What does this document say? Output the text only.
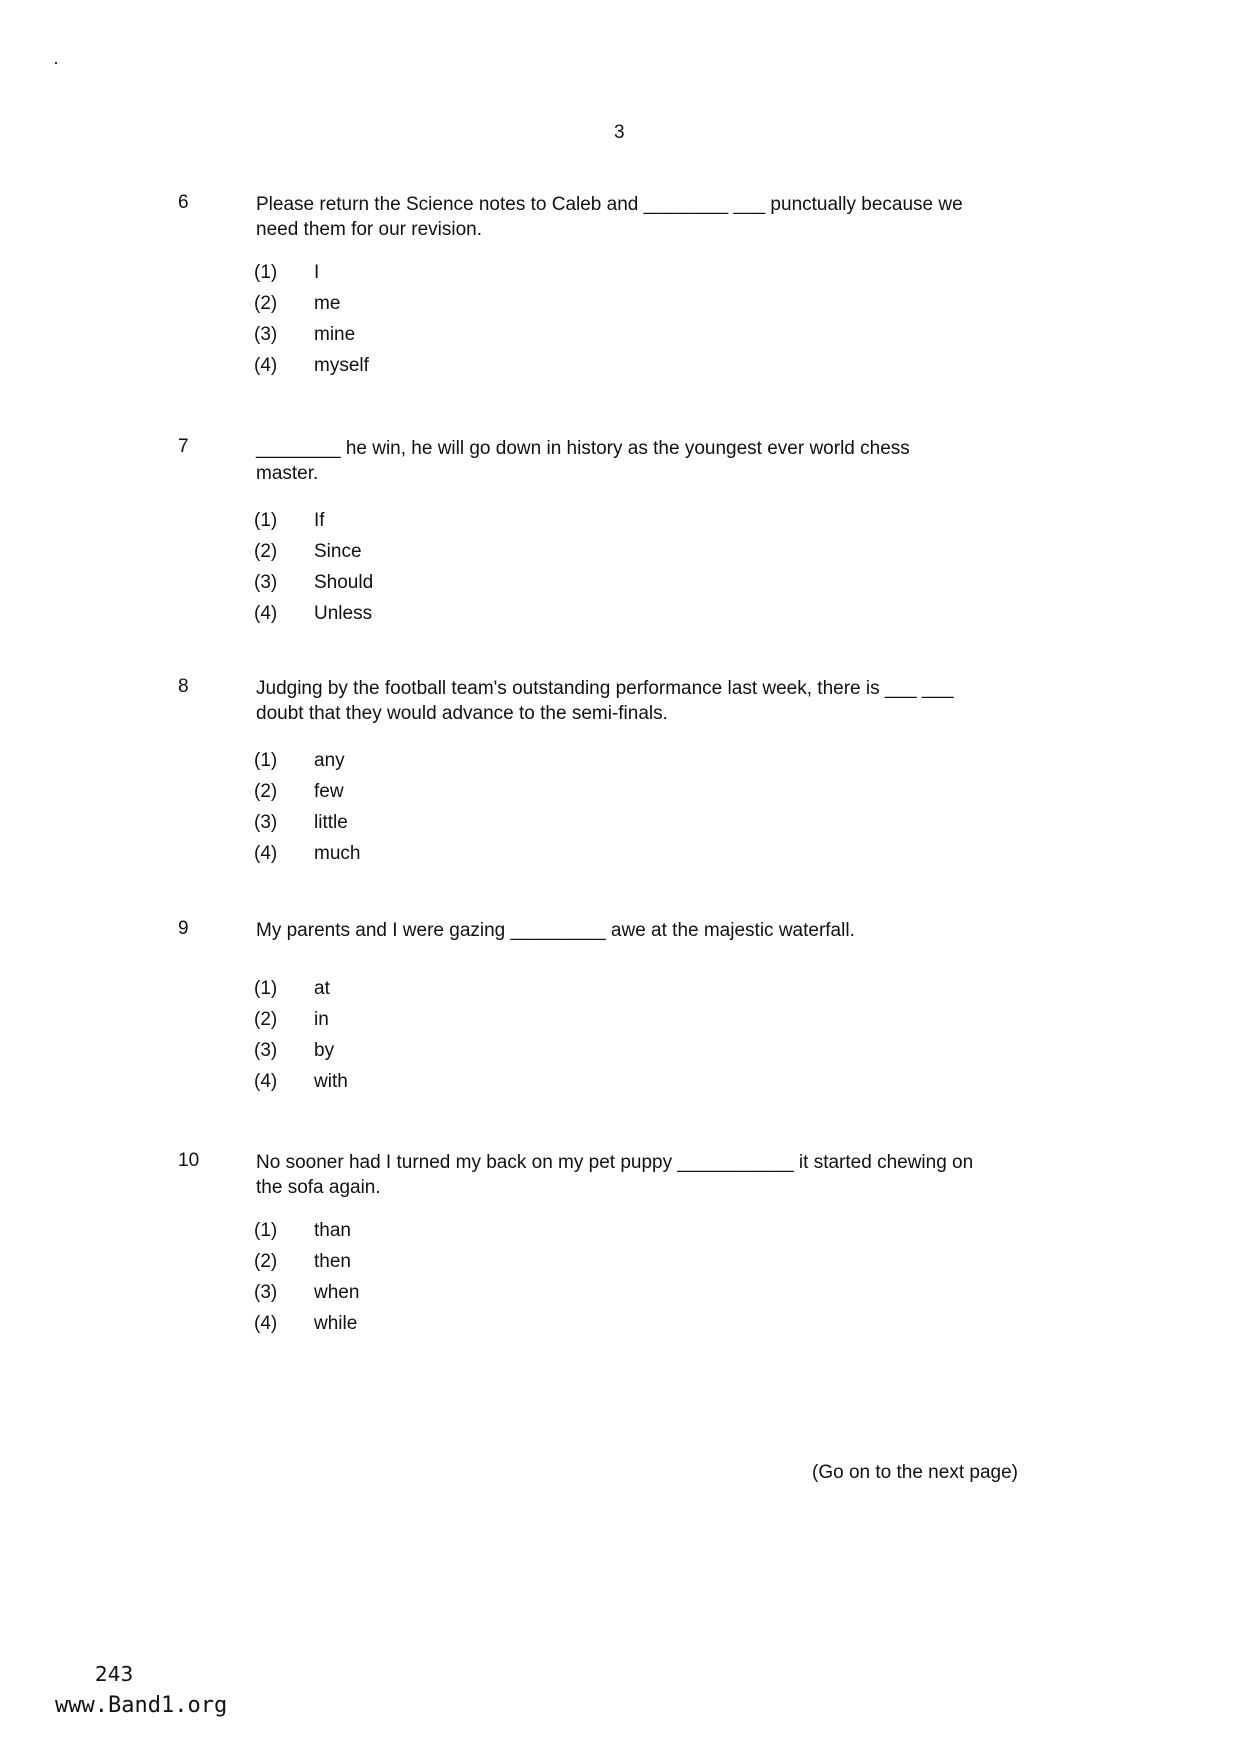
3
6	Please return the Science notes to Caleb and ________ ___ punctually because we need them for our revision.
(1) I
(2) me
(3) mine
(4) myself
7	________ he win, he will go down in history as the youngest ever world chess master.
(1) If
(2) Since
(3) Should
(4) Unless
8	Judging by the football team's outstanding performance last week, there is ___ ___ doubt that they would advance to the semi-finals.
(1) any
(2) few
(3) little
(4) much
9	My parents and I were gazing _________ awe at the majestic waterfall.
(1) at
(2) in
(3) by
(4) with
10	No sooner had I turned my back on my pet puppy ___________ it started chewing on the sofa again.
(1) than
(2) then
(3) when
(4) while
(Go on to the next page)
243
www.Band1.org
